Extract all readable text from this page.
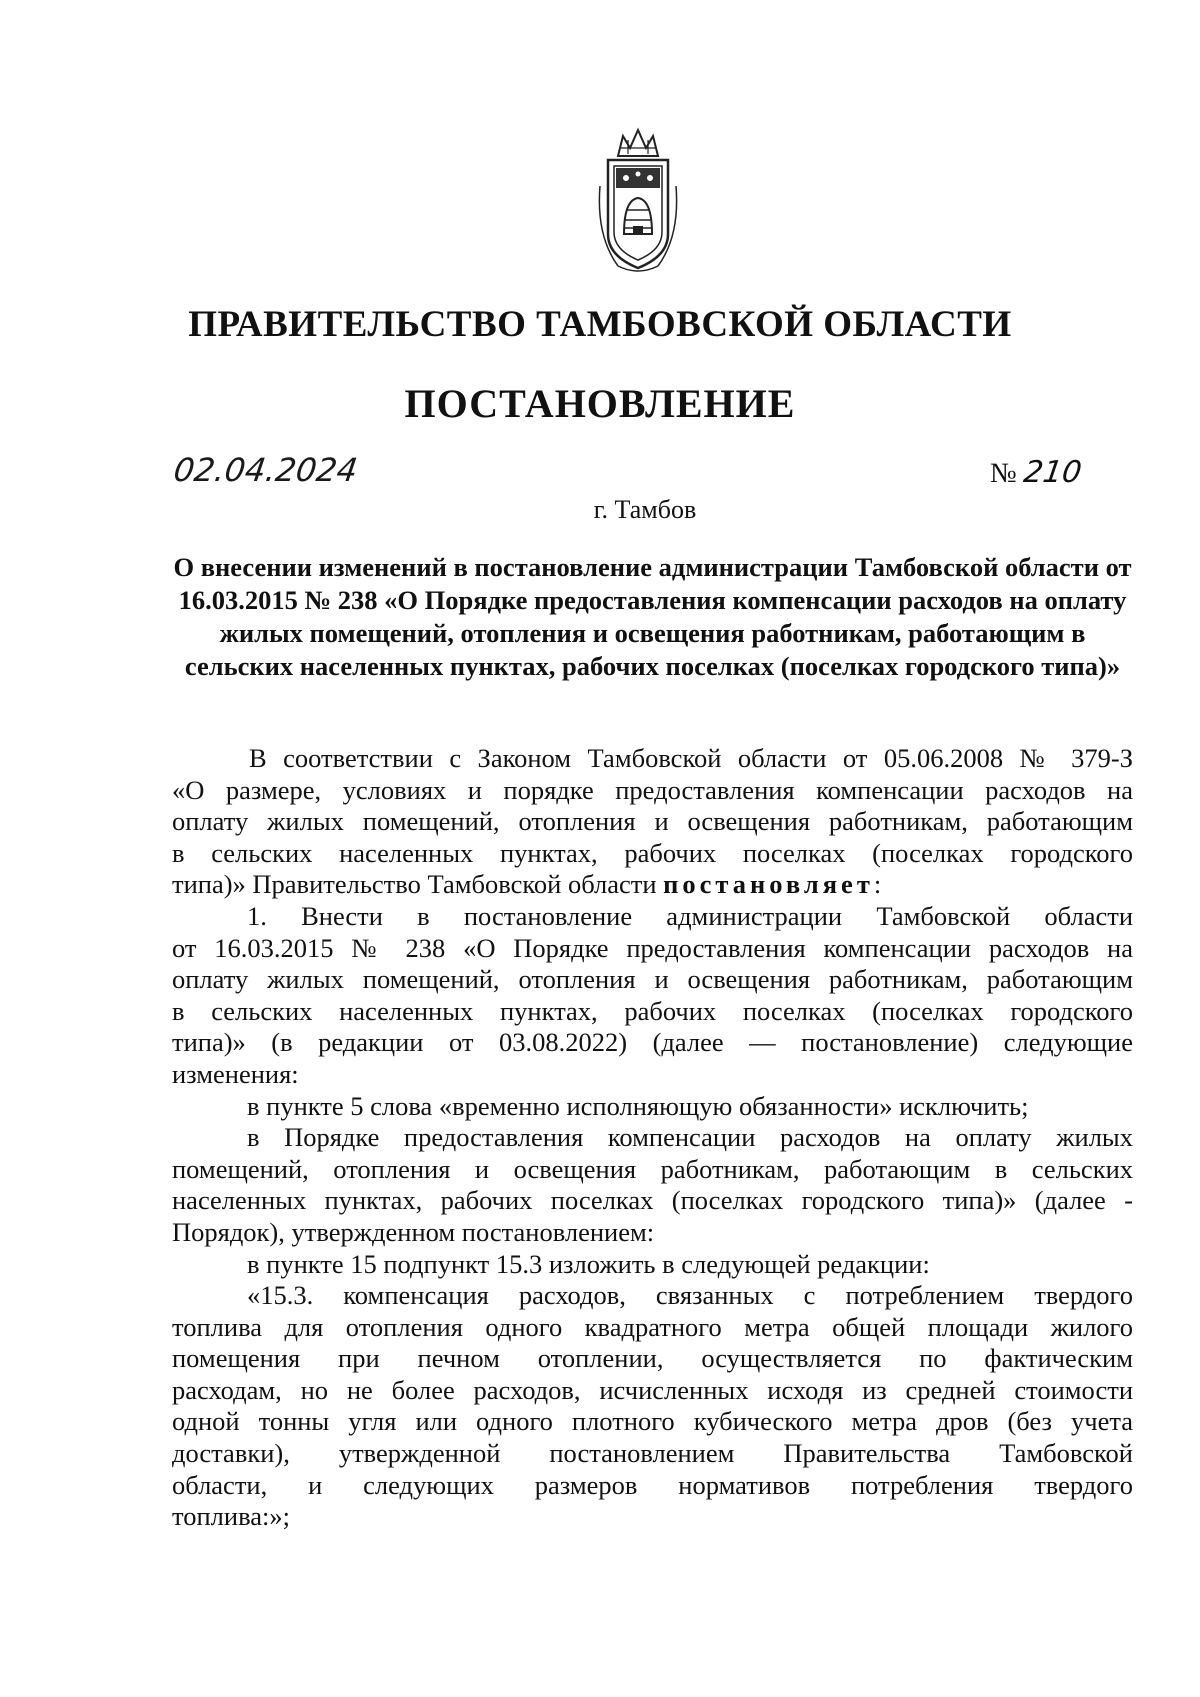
ПРАВИТЕЛЬСТВО ТАМБОВСКОЙ ОБЛАСТИ
ПОСТАНОВЛЕНИЕ
02.04.2024	№ 210
г. Тамбов
О внесении изменений в постановление администрации Тамбовской области от 16.03.2015 № 238 «О Порядке предоставления компенсации расходов на оплату жилых помещений, отопления и освещения работникам, работающим в сельских населенных пунктах, рабочих поселках (поселках городского типа)»

В соответствии с Законом Тамбовской области от 05.06.2008 № 379-З

«О размере, условиях и порядке предоставления компенсации расходов на

оплату жилых помещений, отопления и освещения работникам, работающим

в сельских населенных пунктах, рабочих поселках (поселках городского

типа)» Правительство Тамбовской области постановляет:

1. Внести в постановление администрации Тамбовской области

от 16.03.2015 № 238 «О Порядке предоставления компенсации расходов на

оплату жилых помещений, отопления и освещения работникам, работающим

в сельских населенных пунктах, рабочих поселках (поселках городского

типа)» (в редакции от 03.08.2022) (далее — постановление) следующие

изменения:

в пункте 5 слова «временно исполняющую обязанности» исключить;

в Порядке предоставления компенсации расходов на оплату жилых

помещений, отопления и освещения работникам, работающим в сельских

населенных пунктах, рабочих поселках (поселках городского типа)» (далее -

Порядок), утвержденном постановлением:

в пункте 15 подпункт 15.3 изложить в следующей редакции:

«15.3. компенсация расходов, связанных с потреблением твердого

топлива для отопления одного квадратного метра общей площади жилого

помещения при печном отоплении, осуществляется по фактическим

расходам, но не более расходов, исчисленных исходя из средней стоимости

одной тонны угля или одного плотного кубического метра дров (без учета

доставки), утвержденной постановлением Правительства Тамбовской

области, и следующих размеров нормативов потребления твердого

топлива:»;
